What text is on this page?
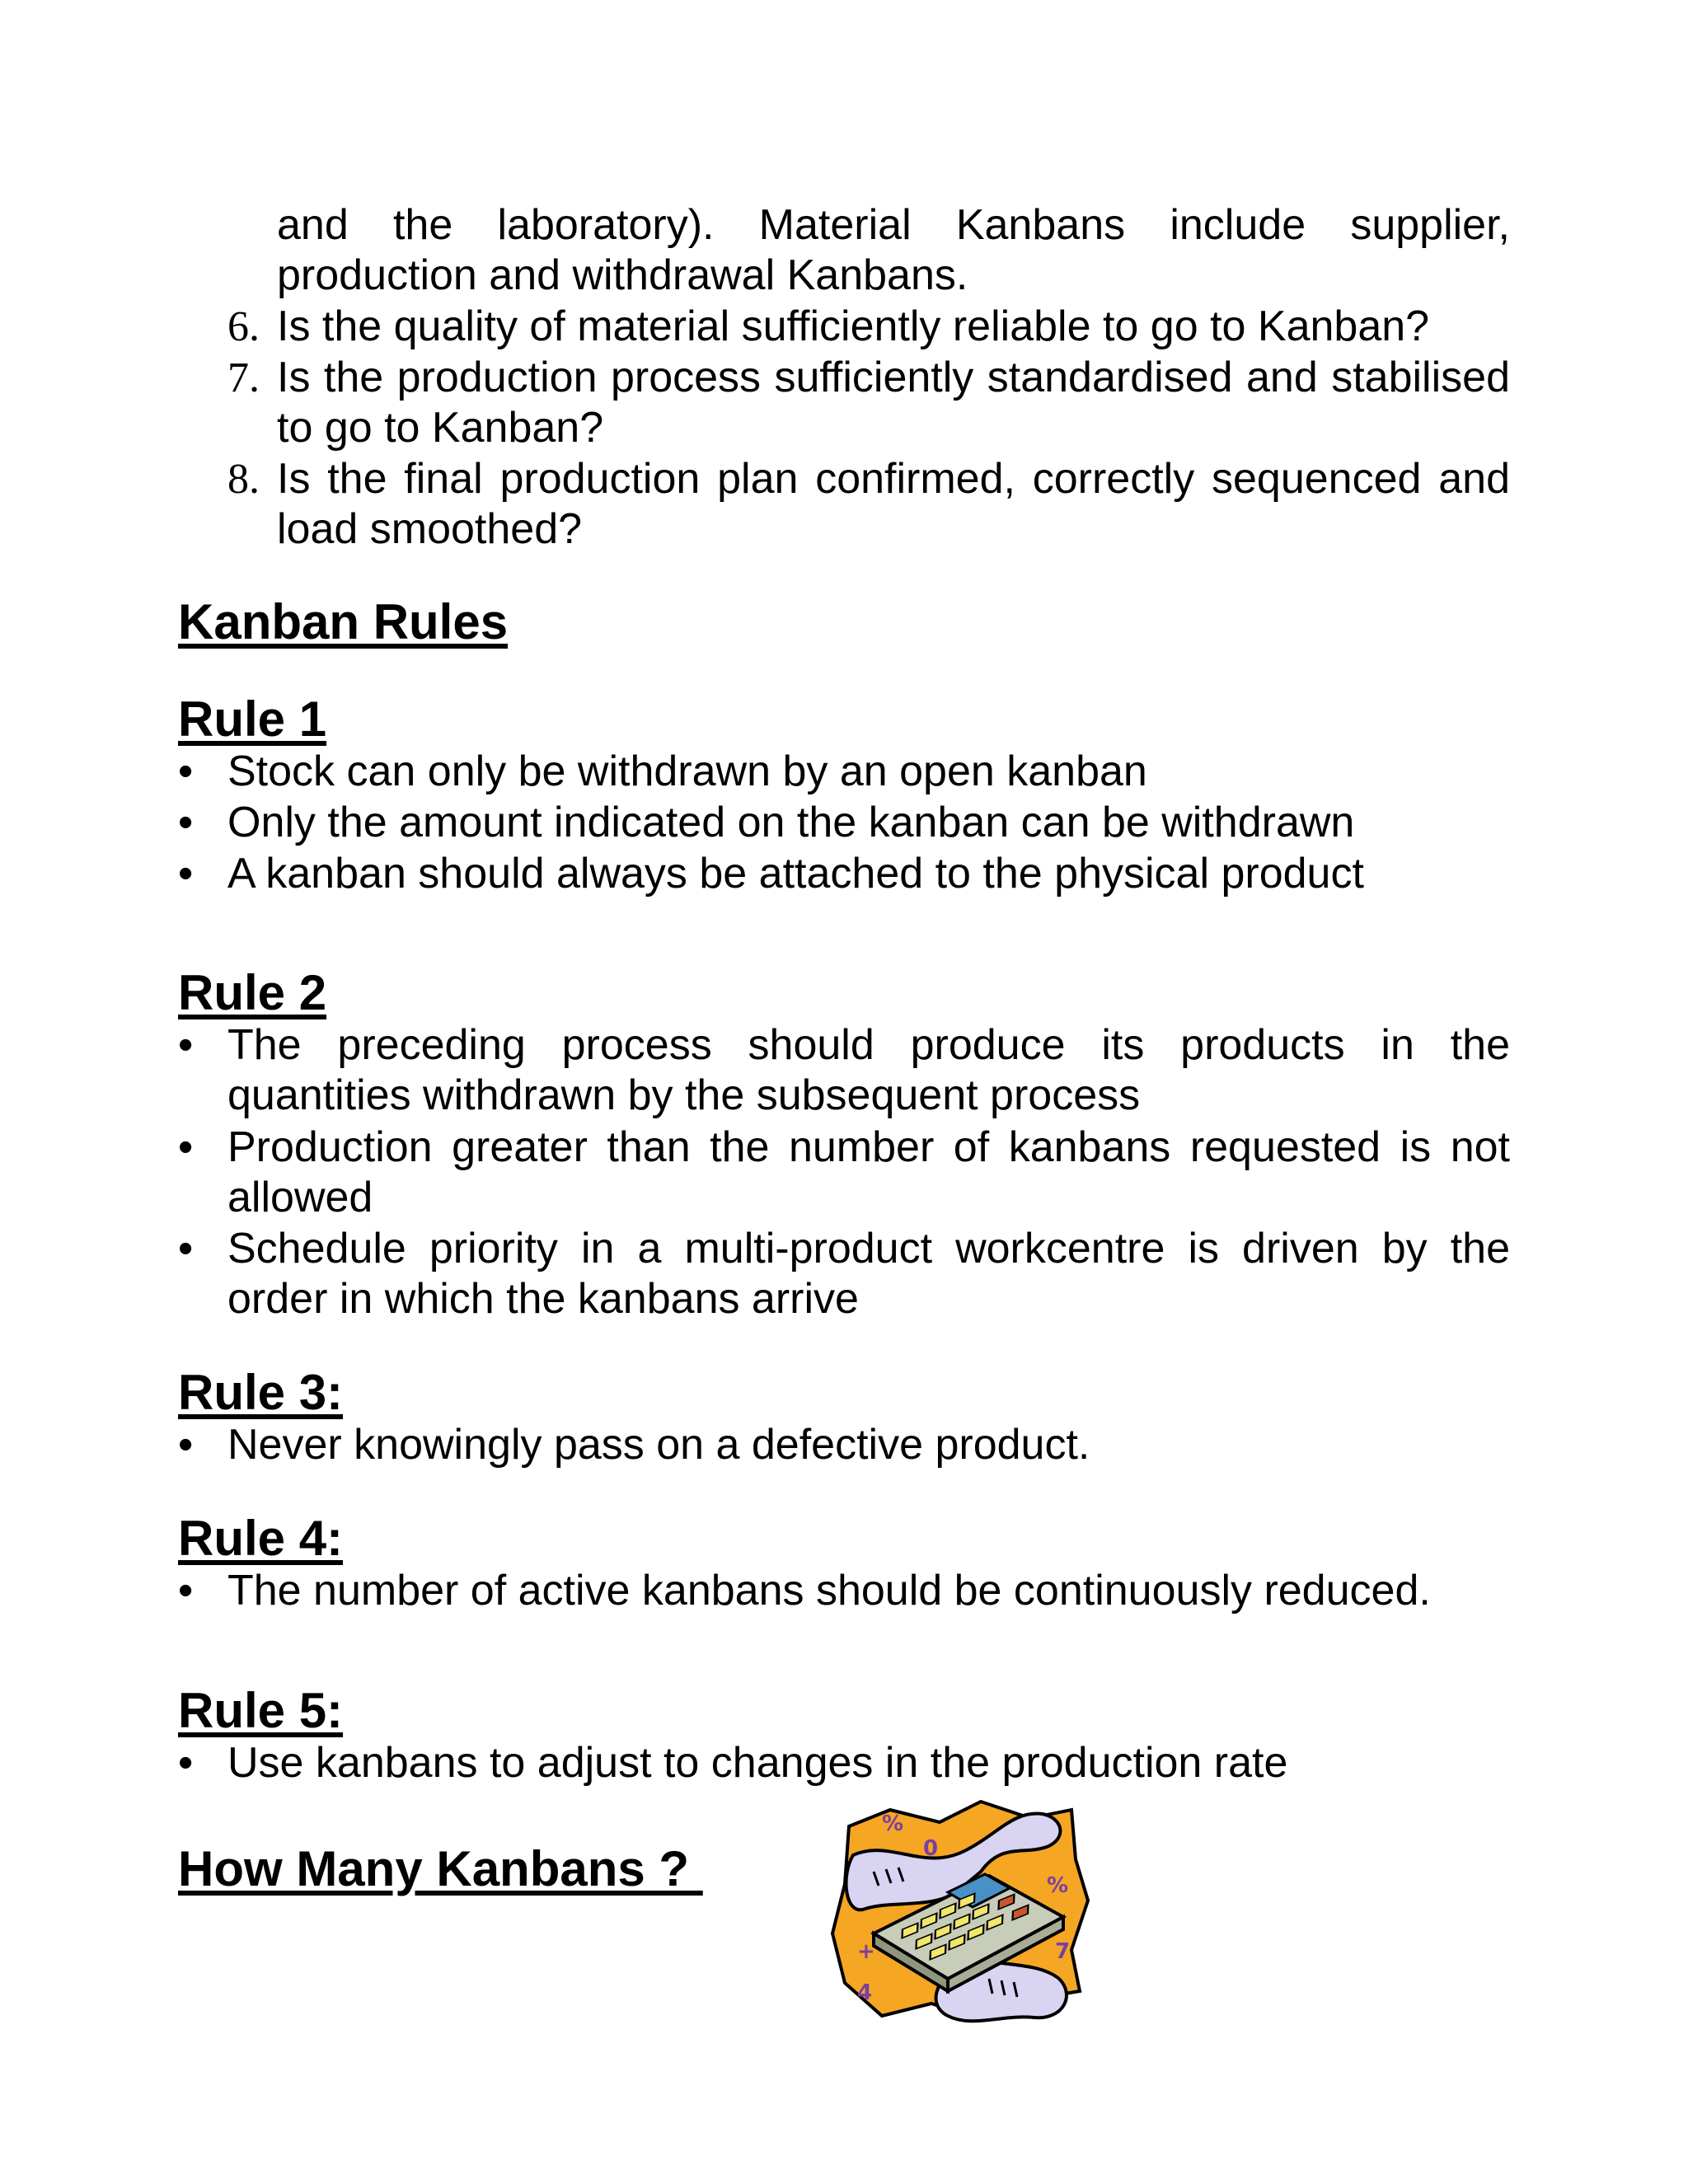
and the laboratory). Material Kanbans include supplier,
production and withdrawal Kanbans.
6. Is the quality of material sufficiently reliable to go to Kanban?
7. Is the production process sufficiently standardised and stabilised to go to Kanban?
8. Is the final production plan confirmed, correctly sequenced and load smoothed?
Kanban Rules
Rule 1
• Stock can only be withdrawn by an open kanban
• Only the amount indicated on the kanban can be withdrawn
• A kanban should always be attached to the physical product
Rule 2
• The preceding process should produce its products in the quantities withdrawn by the subsequent process
• Production greater than the number of kanbans requested is not allowed
• Schedule priority in a multi-product workcentre is driven by the order in which the kanbans arrive
Rule 3:
• Never knowingly pass on a defective product.
Rule 4:
• The number of active kanbans should be continuously reduced.
Rule 5:
• Use kanbans to adjust to changes in the production rate
How Many Kanbans ?
%
0
%
+	7
4
